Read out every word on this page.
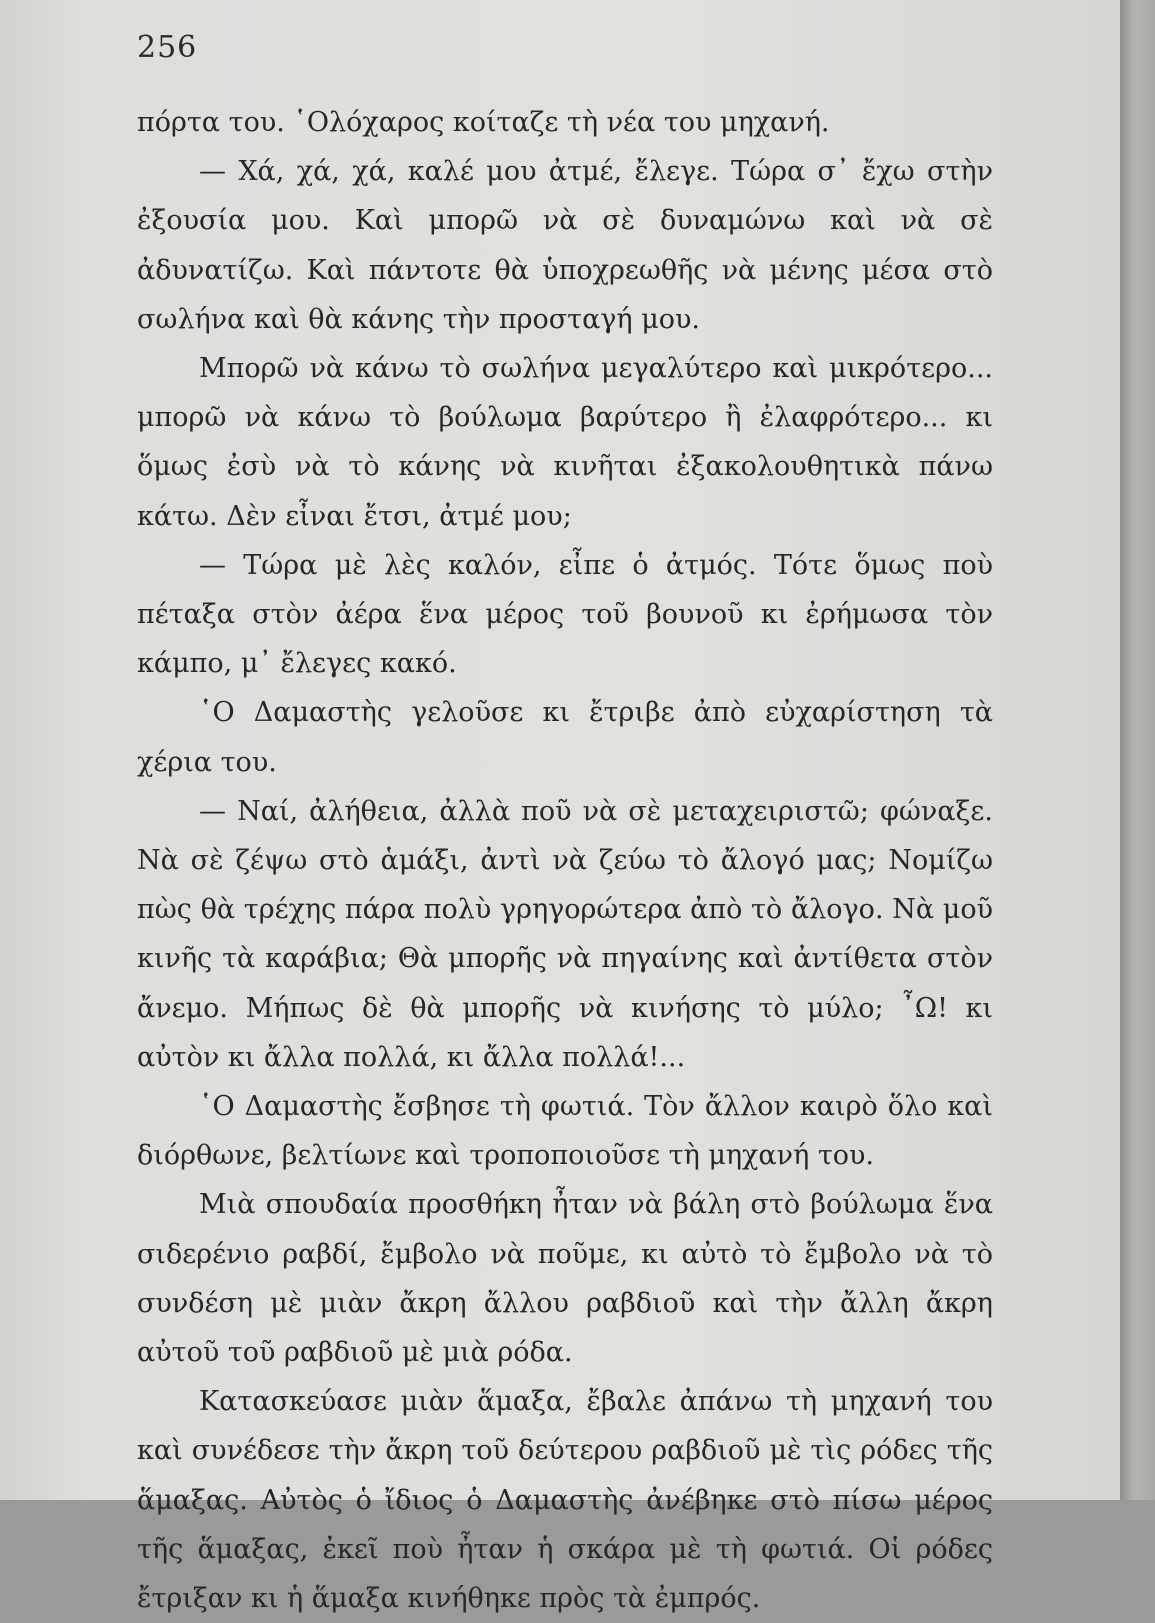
256

πόρτα του. ῾Ολόχαρος κοίταζε τὴ νέα του μηχανή.

— Χά, χά, χά, καλέ μου ἀτμέ, ἔλεγε. Τώρα σ᾽ ἔχω στὴν ἐξουσία μου. Καὶ μπορῶ νὰ σὲ δυναμώνω καὶ νὰ σὲ ἀδυνατίζω. Καὶ πάντοτε θὰ ὑποχρεωθῆς νὰ μένης μέσα στὸ σωλήνα καὶ θὰ κάνης τὴν προσταγή μου.

Μπορῶ νὰ κάνω τὸ σωλήνα μεγαλύτερο καὶ μικρότερο... μπορῶ νὰ κάνω τὸ βούλωμα βαρύτερο ἢ ἐλαφρότερο... κι ὅμως ἐσὺ νὰ τὸ κάνης νὰ κινῆται ἐξακολουθητικὰ πάνω κάτω. Δὲν εἶναι ἔτσι, ἀτμέ μου;

— Τώρα μὲ λὲς καλόν, εἶπε ὁ ἀτμός. Τότε ὅμως ποὺ πέταξα στὸν ἀέρα ἕνα μέρος τοῦ βουνοῦ κι ἐρήμωσα τὸν κάμπο, μ᾽ ἔλεγες κακό.

῾Ο Δαμαστὴς γελοῦσε κι ἔτριβε ἀπὸ εὐχαρίστηση τὰ χέρια του.

— Ναί, ἀλήθεια, ἀλλὰ ποῦ νὰ σὲ μεταχειριστῶ; φώναξε. Νὰ σὲ ζέψω στὸ ἁμάξι, ἀντὶ νὰ ζεύω τὸ ἄλογό μας; Νομίζω πὼς θὰ τρέχης πάρα πολὺ γρηγορώτερα ἀπὸ τὸ ἄλογο. Νὰ μοῦ κινῆς τὰ καράβια; Θὰ μπορῆς νὰ πηγαίνης καὶ ἀντίθετα στὸν ἄνεμο. Μήπως δὲ θὰ μπορῆς νὰ κινήσης τὸ μύλο; ῏Ω! κι αὐτὸν κι ἄλλα πολλά, κι ἄλλα πολλά!...

῾Ο Δαμαστὴς ἔσβησε τὴ φωτιά. Τὸν ἄλλον καιρὸ ὅλο καὶ διόρθωνε, βελτίωνε καὶ τροποποιοῦσε τὴ μηχανή του.

Μιὰ σπουδαία προσθήκη ἦταν νὰ βάλη στὸ βούλωμα ἕνα σιδερένιο ραβδί, ἔμβολο νὰ ποῦμε, κι αὐτὸ τὸ ἔμβολο νὰ τὸ συνδέση μὲ μιὰν ἄκρη ἄλλου ραβδιοῦ καὶ τὴν ἄλλη ἄκρη αὐτοῦ τοῦ ραβδιοῦ μὲ μιὰ ρόδα.

Κατασκεύασε μιὰν ἅμαξα, ἔβαλε ἀπάνω τὴ μηχανή του καὶ συνέδεσε τὴν ἄκρη τοῦ δεύτερου ραβδιοῦ μὲ τὶς ρόδες τῆς ἅμαξας. Αὐτὸς ὁ ἴδιος ὁ Δαμαστὴς ἀνέβηκε στὸ πίσω μέρος τῆς ἅμαξας, ἐκεῖ ποὺ ἦταν ἡ σκάρα μὲ τὴ φωτιά. Οἱ ρόδες ἔτριξαν κι ἡ ἅμαξα κινήθηκε πρὸς τὰ ἐμπρός.
